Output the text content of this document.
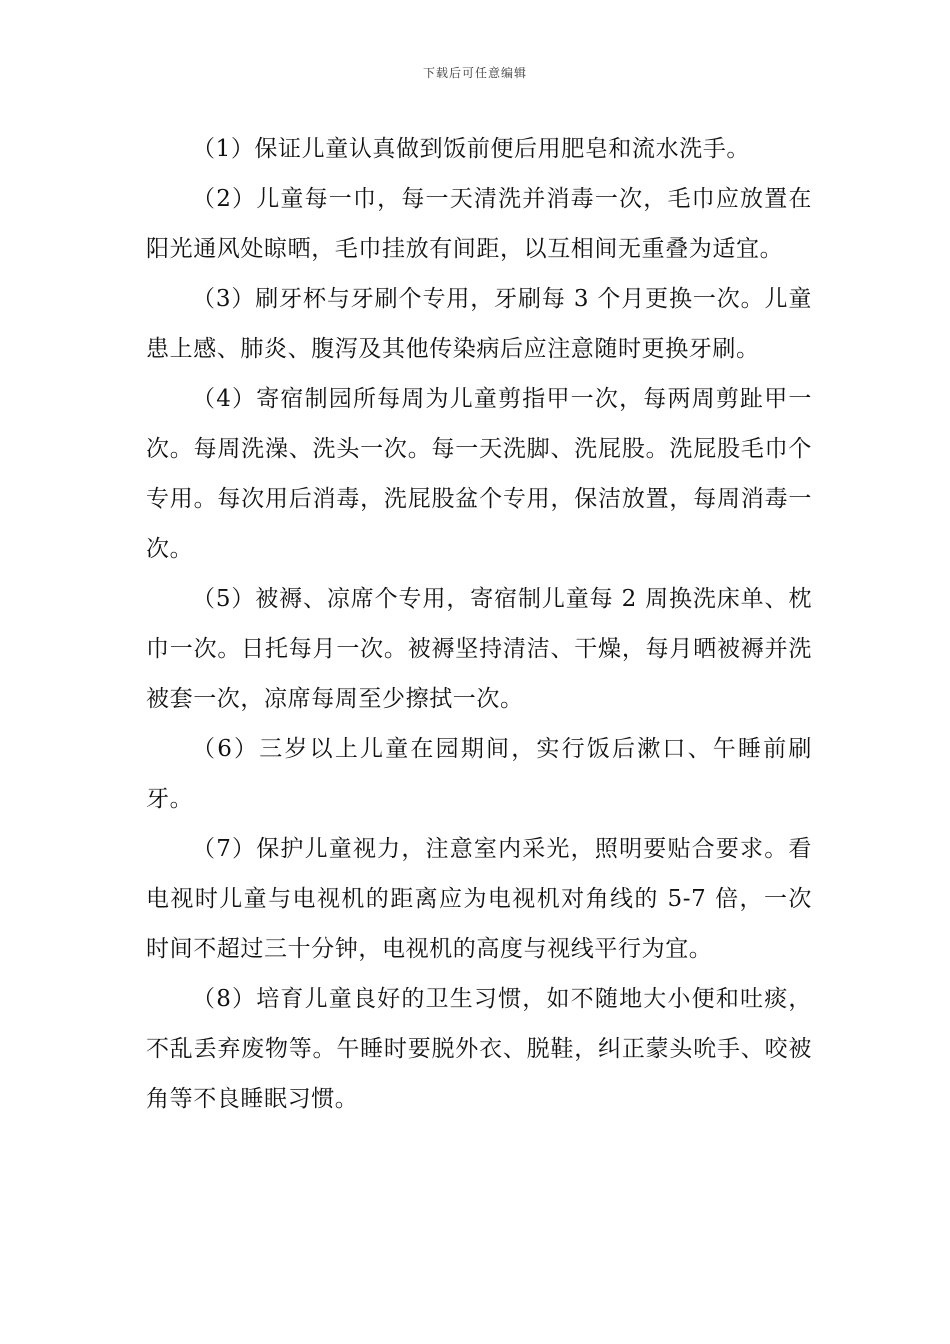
下载后可任意编辑

（1）保证儿童认真做到饭前便后用肥皂和流水洗手。

（2）儿童每一巾，每一天清洗并消毒一次，毛巾应放置在阳光通风处晾晒，毛巾挂放有间距，以互相间无重叠为适宜。

（3）刷牙杯与牙刷个专用，牙刷每 3 个月更换一次。儿童患上感、肺炎、腹泻及其他传染病后应注意随时更换牙刷。

（4）寄宿制园所每周为儿童剪指甲一次，每两周剪趾甲一次。每周洗澡、洗头一次。每一天洗脚、洗屁股。洗屁股毛巾个专用。每次用后消毒，洗屁股盆个专用，保洁放置，每周消毒一次。

（5）被褥、凉席个专用，寄宿制儿童每 2 周换洗床单、枕巾一次。日托每月一次。被褥坚持清洁、干燥，每月晒被褥并洗被套一次，凉席每周至少擦拭一次。

（6）三岁以上儿童在园期间，实行饭后漱口、午睡前刷牙。

（7）保护儿童视力，注意室内采光，照明要贴合要求。看电视时儿童与电视机的距离应为电视机对角线的 5-7 倍，一次时间不超过三十分钟，电视机的高度与视线平行为宜。

（8）培育儿童良好的卫生习惯，如不随地大小便和吐痰，不乱丢弃废物等。午睡时要脱外衣、脱鞋，纠正蒙头吮手、咬被角等不良睡眠习惯。
